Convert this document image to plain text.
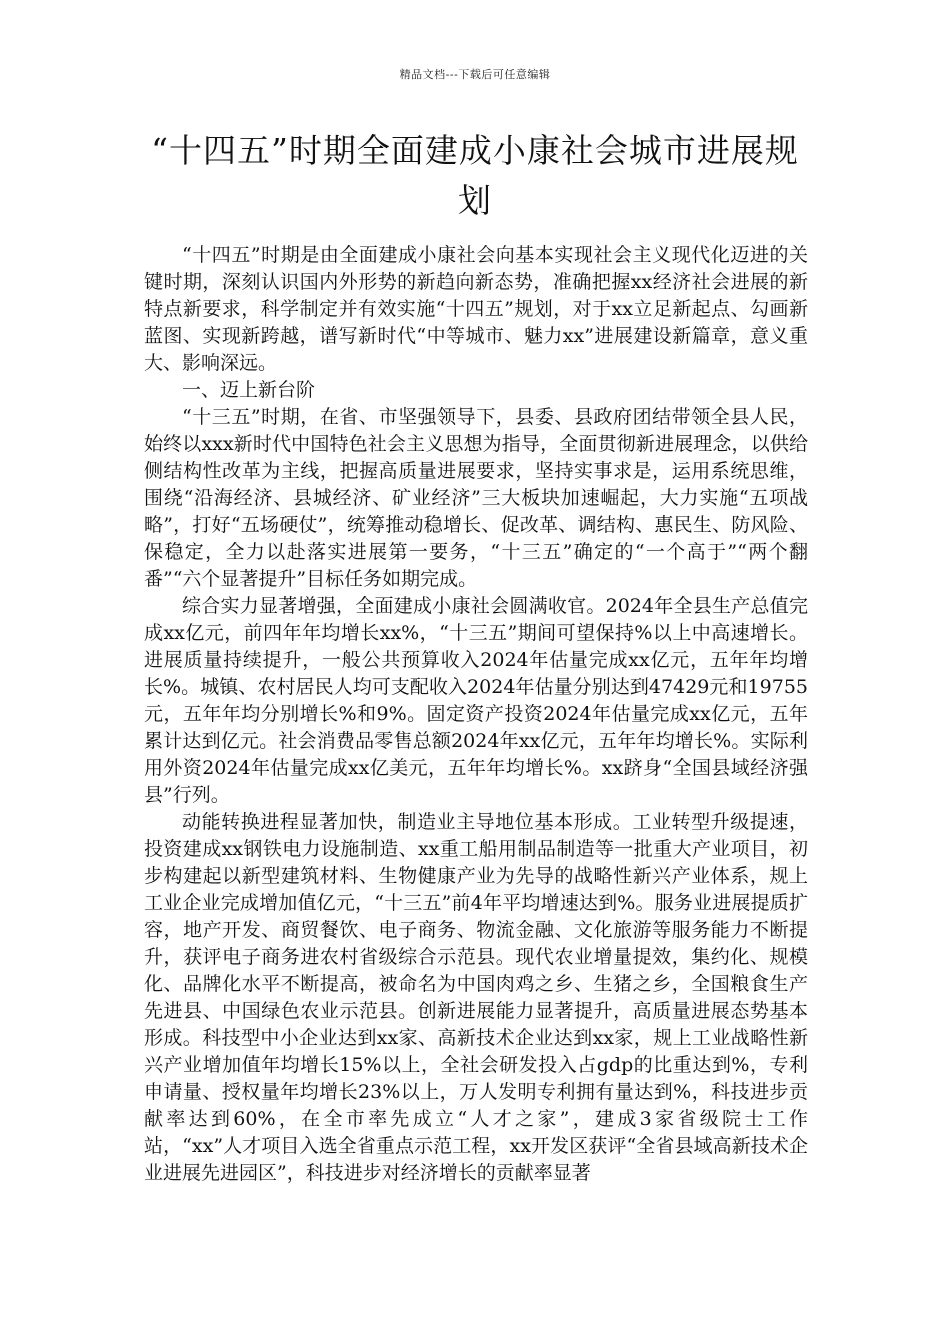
精品文档---下载后可任意编辑
“十四五”时期全面建成小康社会城市进展规划

“十四五”时期是由全面建成小康社会向基本实现社会主义现代化迈进的关键时期，深刻认识国内外形势的新趋向新态势，准确把握xx经济社会进展的新特点新要求，科学制定并有效实施“十四五”规划，对于xx立足新起点、勾画新蓝图、实现新跨越，谱写新时代“中等城市、魅力xx”进展建设新篇章，意义重大、影响深远。

一、迈上新台阶

“十三五”时期，在省、市坚强领导下，县委、县政府团结带领全县人民，始终以xxx新时代中国特色社会主义思想为指导，全面贯彻新进展理念，以供给侧结构性改革为主线，把握高质量进展要求，坚持实事求是，运用系统思维，围绕“沿海经济、县城经济、矿业经济”三大板块加速崛起，大力实施“五项战略”，打好“五场硬仗”，统筹推动稳增长、促改革、调结构、惠民生、防风险、保稳定，全力以赴落实进展第一要务，“十三五”确定的“一个高于”“两个翻番”“六个显著提升”目标任务如期完成。

综合实力显著增强，全面建成小康社会圆满收官。2024年全县生产总值完成xx亿元，前四年年均增长xx%，“十三五”期间可望保持%以上中高速增长。进展质量持续提升，一般公共预算收入2024年估量完成xx亿元，五年年均增长%。城镇、农村居民人均可支配收入2024年估量分别达到47429元和19755元，五年年均分别增长%和9%。固定资产投资2024年估量完成xx亿元，五年累计达到亿元。社会消费品零售总额2024年xx亿元，五年年均增长%。实际利用外资2024年估量完成xx亿美元，五年年均增长%。xx跻身“全国县域经济强县”行列。

动能转换进程显著加快，制造业主导地位基本形成。工业转型升级提速，投资建成xx钢铁电力设施制造、xx重工船用制品制造等一批重大产业项目，初步构建起以新型建筑材料、生物健康产业为先导的战略性新兴产业体系，规上工业企业完成增加值亿元，“十三五”前4年平均增速达到%。服务业进展提质扩容，地产开发、商贸餐饮、电子商务、物流金融、文化旅游等服务能力不断提升，获评电子商务进农村省级综合示范县。现代农业增量提效，集约化、规模化、品牌化水平不断提高，被命名为中国肉鸡之乡、生猪之乡，全国粮食生产先进县、中国绿色农业示范县。创新进展能力显著提升，高质量进展态势基本形成。科技型中小企业达到xx家、高新技术企业达到xx家，规上工业战略性新兴产业增加值年均增长15%以上，全社会研发投入占gdp的比重达到%，专利申请量、授权量年均增长23%以上，万人发明专利拥有量达到%，科技进步贡献率达到60%，在全市率先成立“人才之家”，建成3家省级院士工作站，“xx”人才项目入选全省重点示范工程，xx开发区获评“全省县域高新技术企业进展先进园区”，科技进步对经济增长的贡献率显著
